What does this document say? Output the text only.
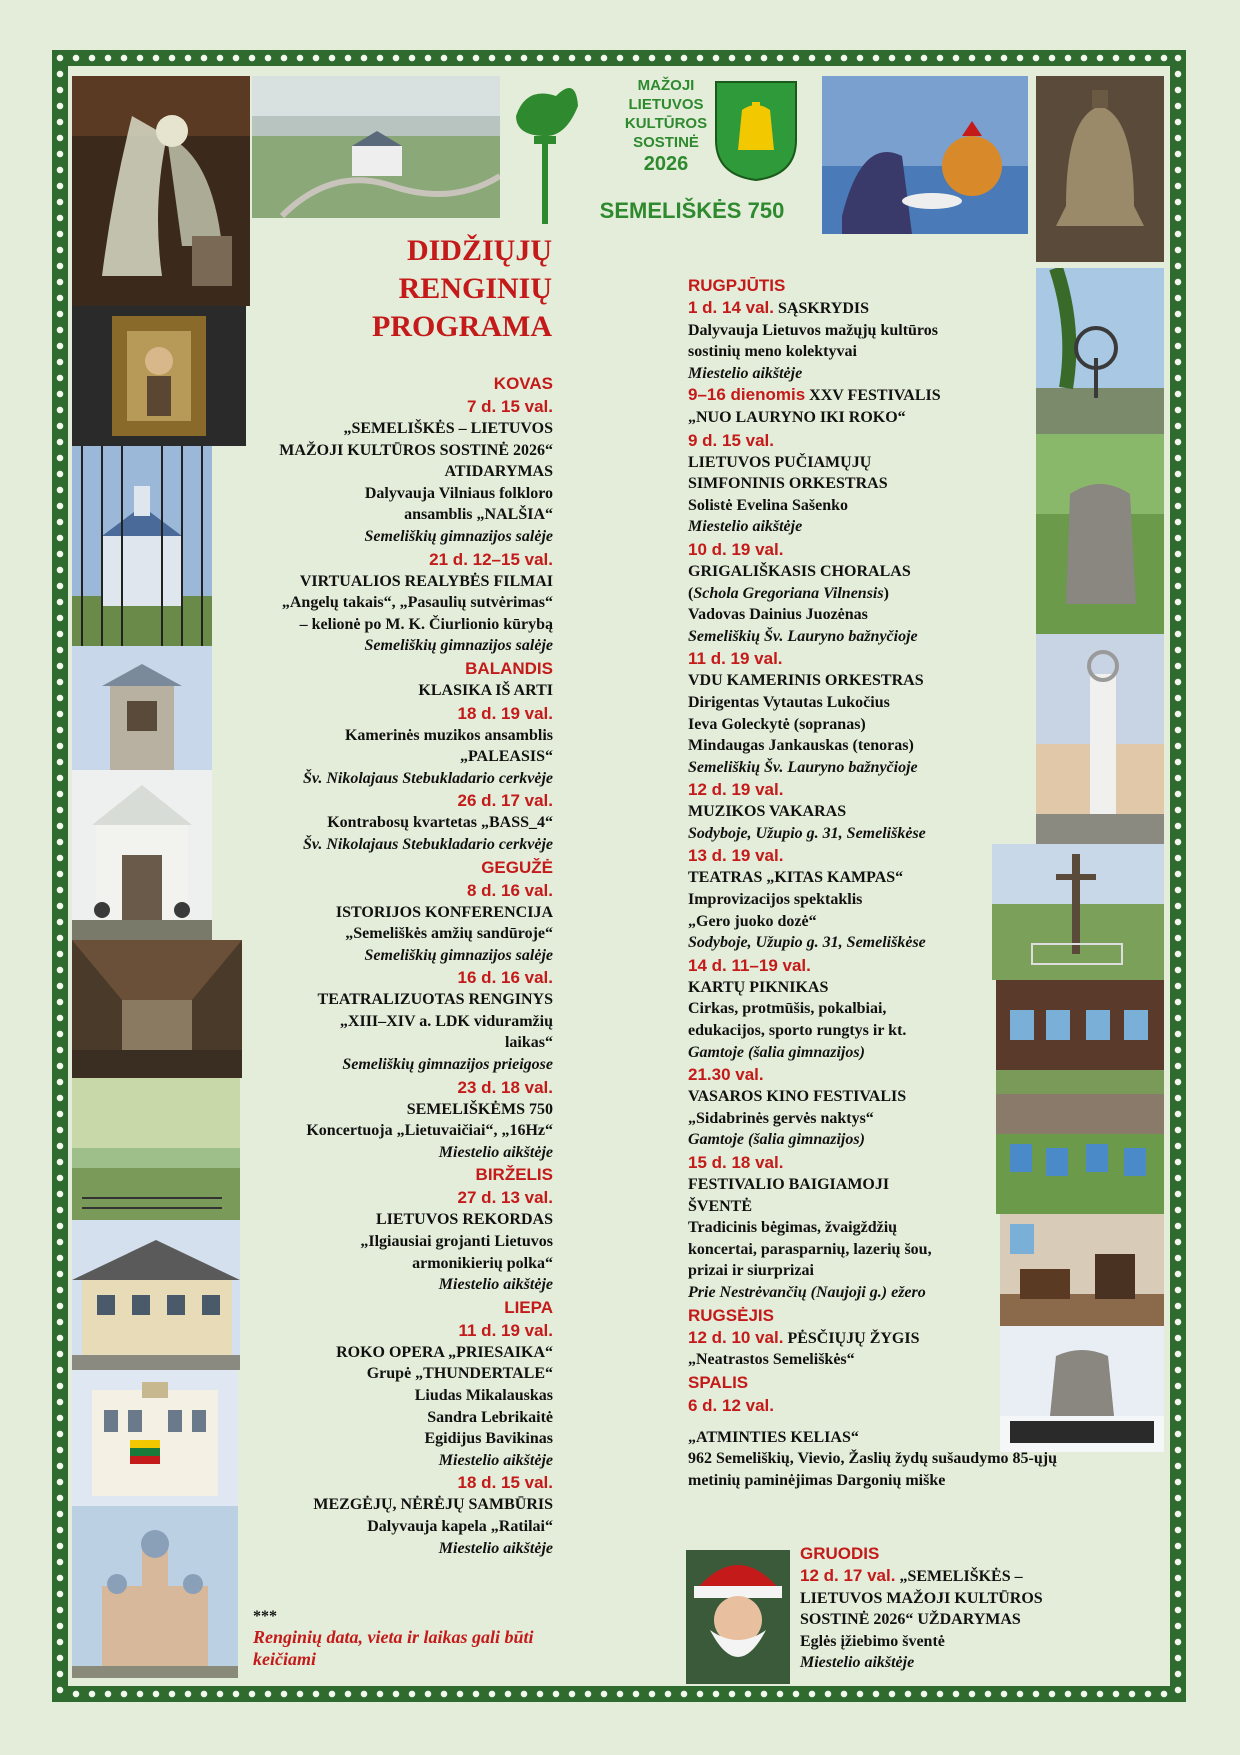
DIDŽIŲJŲ
RENGINIŲ
PROGRAMA
MAŽOJI
LIETUVOS
KULTŪROS
SOSTINĖ
2026
SEMELIŠKĖS 750
KOVAS
7 d. 15 val.
„SEMELIŠKĖS – LIETUVOS
MAŽOJI KULTŪROS SOSTINĖ 2026“
ATIDARYMAS
Dalyvauja Vilniaus folkloro
ansamblis „NALŠIA“
Semeliškių gimnazijos salėje
21 d. 12–15 val.
VIRTUALIOS REALYBĖS FILMAI
„Angelų takais“, „Pasaulių sutvėrimas“
– kelionė po M. K. Čiurlionio kūrybą
Semeliškių gimnazijos salėje
BALANDIS
KLASIKA IŠ ARTI
18 d. 19 val.
Kamerinės muzikos ansamblis
„PALEASIS“
Šv. Nikolajaus Stebukladario cerkvėje
26 d. 17 val.
Kontrabosų kvartetas „BASS_4“
Šv. Nikolajaus Stebukladario cerkvėje
GEGUŽĖ
8 d. 16 val.
ISTORIJOS KONFERENCIJA
„Semeliškės amžių sandūroje“
Semeliškių gimnazijos salėje
16 d. 16 val.
TEATRALIZUOTAS RENGINYS
„XIII–XIV a. LDK viduramžių
laikas“
Semeliškių gimnazijos prieigose
23 d. 18 val.
SEMELIŠKĖMS 750
Koncertuoja „Lietuvaičiai“, „16Hz“
Miestelio aikštėje
BIRŽELIS
27 d. 13 val.
LIETUVOS REKORDAS
„Ilgiausiai grojanti Lietuvos
armonikierių polka“
Miestelio aikštėje
LIEPA
11 d. 19 val.
ROKO OPERA „PRIESAIKA“
Grupė „THUNDERTALE“
Liudas Mikalauskas
Sandra Lebrikaitė
Egidijus Bavikinas
Miestelio aikštėje
18 d. 15 val.
MEZGĖJŲ, NĖRĖJŲ SAMBŪRIS
Dalyvauja kapela „Ratilai“
Miestelio aikštėje
***
Renginių data, vieta ir laikas gali būti keičiami
RUGPJŪTIS
1 d. 14 val. SĄSKRYDIS
Dalyvauja Lietuvos mažųjų kultūros
sostinių meno kolektyvai
Miestelio aikštėje
9–16 dienomis XXV FESTIVALIS
„NUO LAURYNO IKI ROKO“
9 d. 15 val.
LIETUVOS PUČIAMŲJŲ
SIMFONINIS ORKESTRAS
Solistė Evelina Sašenko
Miestelio aikštėje
10 d. 19 val.
GRIGALIŠKASIS CHORALAS
(Schola Gregoriana Vilnensis)
Vadovas Dainius Juozėnas
Semeliškių Šv. Lauryno bažnyčioje
11 d. 19 val.
VDU KAMERINIS ORKESTRAS
Dirigentas Vytautas Lukočius
Ieva Goleckytė (sopranas)
Mindaugas Jankauskas (tenoras)
Semeliškių Šv. Lauryno bažnyčioje
12 d. 19 val.
MUZIKOS VAKARAS
Sodyboje, Užupio g. 31, Semeliškėse
13 d. 19 val.
TEATRAS „KITAS KAMPAS“
Improvizacijos spektaklis
„Gero juoko dozė“
Sodyboje, Užupio g. 31, Semeliškėse
14 d. 11–19 val.
KARTŲ PIKNIKAS
Cirkas, protmūšis, pokalbiai,
edukacijos, sporto rungtys ir kt.
Gamtoje (šalia gimnazijos)
21.30 val.
VASAROS KINO FESTIVALIS
„Sidabrinės gervės naktys“
Gamtoje (šalia gimnazijos)
15 d. 18 val.
FESTIVALIO BAIGIAMOJI
ŠVENTĖ
Tradicinis bėgimas, žvaigždžių
koncertai, parasparnių, lazerių šou,
prizai ir siurprizai
Prie Nestrėvančių (Naujoji g.) ežero
RUGSĖJIS
12 d. 10 val. PĖSČIŲJŲ ŽYGIS
„Neatrastos Semeliškės“
SPALIS
6 d. 12 val.
„ATMINTIES KELIAS“
962 Semeliškių, Vievio, Žaslių žydų sušaudymo 85-ųjų
metinių paminėjimas Dargonių miške
GRUODIS
12 d. 17 val. „SEMELIŠKĖS –
LIETUVOS MAŽOJI KULTŪROS
SOSTINĖ 2026“ UŽDARYMAS
Eglės įžiebimo šventė
Miestelio aikštėje
